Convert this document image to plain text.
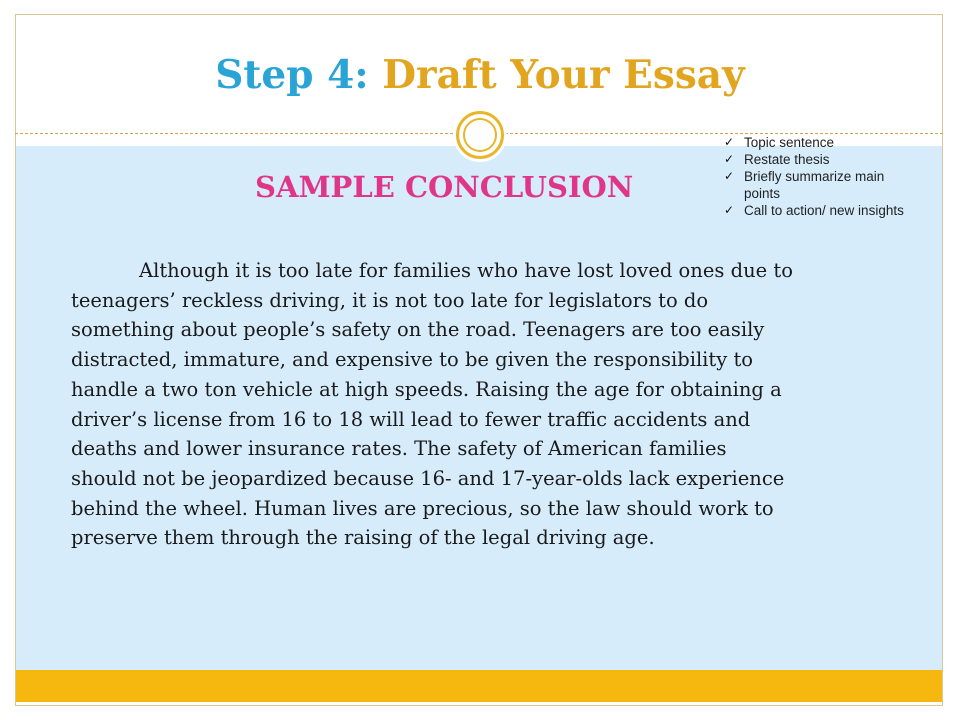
Step 4: Draft Your Essay
SAMPLE CONCLUSION
✓ Topic sentence
✓ Restate thesis
✓ Briefly summarize main points
✓ Call to action/ new insights

Although it is too late for families who have lost loved ones due to
teenagers’ reckless driving, it is not too late for legislators to do
something about people’s safety on the road. Teenagers are too easily
distracted, immature, and expensive to be given the responsibility to
handle a two ton vehicle at high speeds. Raising the age for obtaining a
driver’s license from 16 to 18 will lead to fewer traffic accidents and
deaths and lower insurance rates. The safety of American families
should not be jeopardized because 16- and 17-year-olds lack experience
behind the wheel. Human lives are precious, so the law should work to
preserve them through the raising of the legal driving age.
